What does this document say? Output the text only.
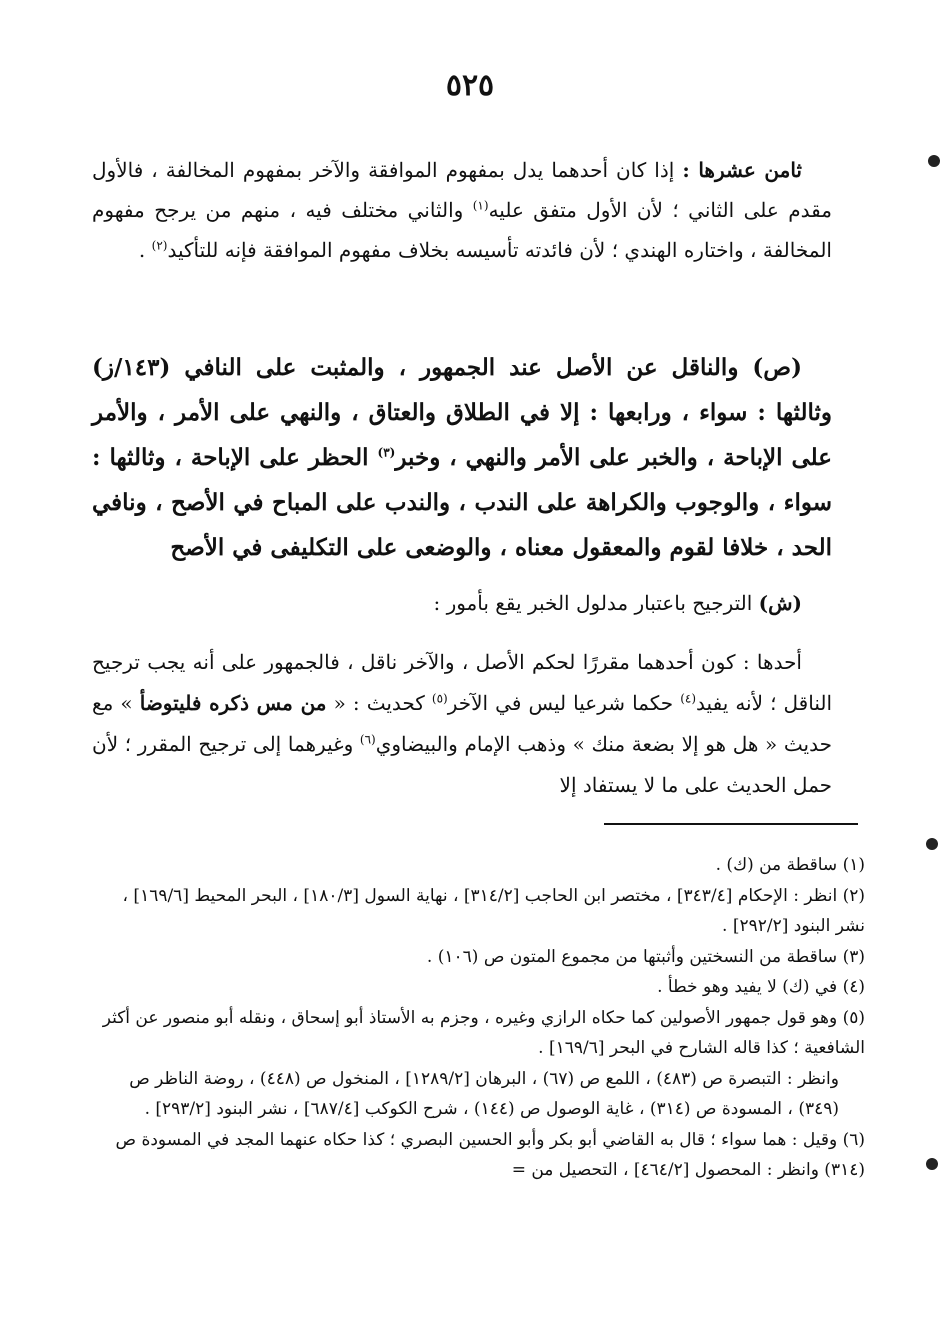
٥٢٥
ثامن عشرها : إذا كان أحدهما يدل بمفهوم الموافقة والآخر بمفهوم المخالفة ، فالأول مقدم على الثاني ؛ لأن الأول متفق عليه$^{(١)}$ والثاني مختلف فيه ، منهم من يرجح مفهوم المخالفة ، واختاره الهندي ؛ لأن فائدته تأسيسه بخلاف مفهوم الموافقة فإنه للتأكيد$^{(٢)}$ .
(ص) والناقل عن الأصل عند الجمهور ، والمثبت على النافي (١٤٣/ز) وثالثها : سواء ، ورابعها : إلا في الطلاق والعتاق ، والنهي على الأمر ، والأمر على الإباحة ، والخبر على الأمر والنهي ، وخبر$^{(٣)}$ الحظر على الإباحة ، وثالثها : سواء ، والوجوب والكراهة على الندب ، والندب على المباح في الأصح ، ونافي الحد ، خلافا لقوم والمعقول معناه ، والوضعى على التكليفى في الأصح
(ش) الترجيح باعتبار مدلول الخبر يقع بأمور :
أحدها : كون أحدهما مقررًا لحكم الأصل ، والآخر ناقل ، فالجمهور على أنه يجب ترجيح الناقل ؛ لأنه يفيد$^{(٤)}$ حكما شرعيا ليس في الآخر$^{(٥)}$ كحديث : « من مس ذكره فليتوضأ » مع حديث « هل هو إلا بضعة منك » وذهب الإمام والبيضاوي$^{(٦)}$ وغيرهما إلى ترجيح المقرر ؛ لأن حمل الحديث على ما لا يستفاد إلا

(١) ساقطة من (ك) .

(٢) انظر : الإحكام [٣٤٣/٤] ، مختصر ابن الحاجب [٣١٤/٢] ، نهاية السول [١٨٠/٣] ، البحر المحيط [١٦٩/٦] ، نشر البنود [٢٩٢/٢] .

(٣) ساقطة من النسختين وأثبتها من مجموع المتون ص (١٠٦) .

(٤) في (ك) لا يفيد وهو خطأ .

(٥) وهو قول جمهور الأصولين كما حكاه الرازي وغيره ، وجزم به الأستاذ أبو إسحاق ، ونقله أبو منصور عن أكثر الشافعية ؛ كذا قاله الشارح في البحر [١٦٩/٦] .

وانظر : التبصرة ص (٤٨٣) ، اللمع ص (٦٧) ، البرهان [١٢٨٩/٢] ، المنخول ص (٤٤٨) ، روضة الناظر ص (٣٤٩) ، المسودة ص (٣١٤) ، غاية الوصول ص (١٤٤) ، شرح الكوكب [٦٨٧/٤] ، نشر البنود [٢٩٣/٢] .

(٦) وقيل : هما سواء ؛ قال به القاضي أبو بكر وأبو الحسين البصري ؛ كذا حكاه عنهما المجد في المسودة ص (٣١٤) وانظر : المحصول [٤٦٤/٢] ، التحصيل من =
